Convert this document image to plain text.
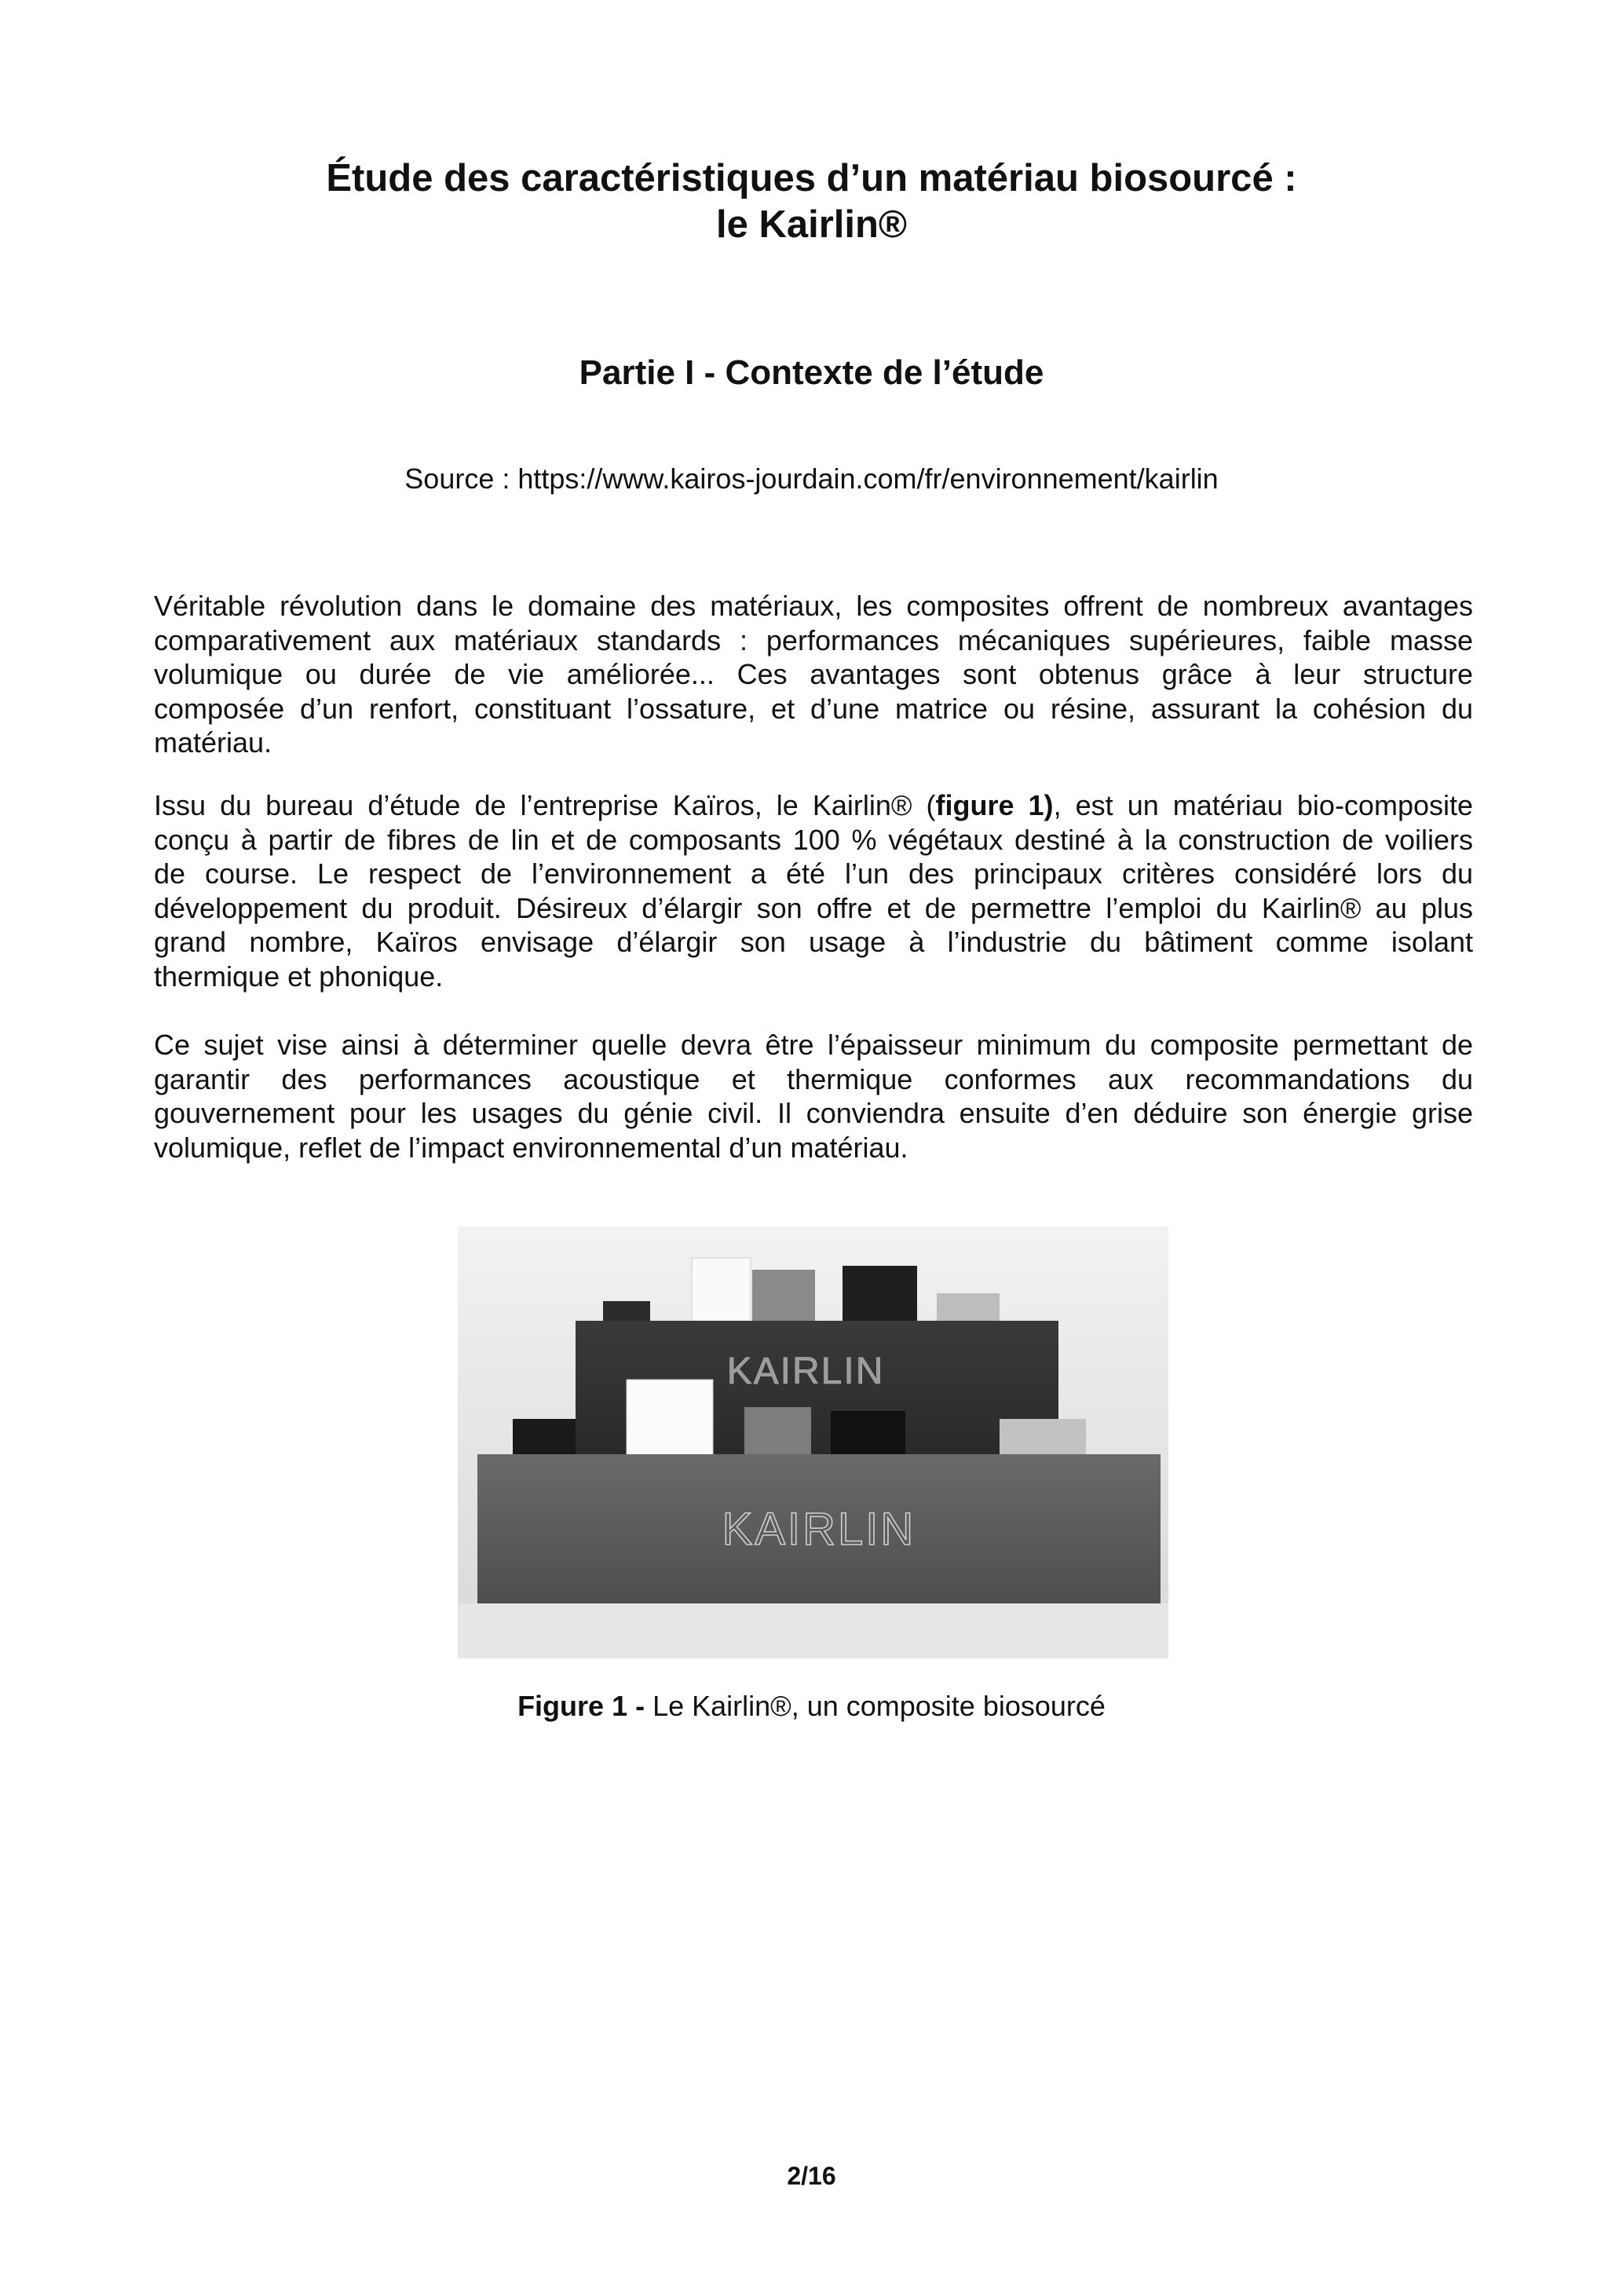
Étude des caractéristiques d’un matériau biosourcé :
le Kairlin®
Partie I - Contexte de l’étude
Source : https://www.kairos-jourdain.com/fr/environnement/kairlin
Véritable révolution dans le domaine des matériaux, les composites offrent de nombreux avantages
comparativement aux matériaux standards : performances mécaniques supérieures, faible masse
volumique ou durée de vie améliorée... Ces avantages sont obtenus grâce à leur structure
composée d’un renfort, constituant l’ossature, et d’une matrice ou résine, assurant la cohésion du
matériau.
Issu du bureau d’étude de l’entreprise Kaïros, le Kairlin® (figure 1), est un matériau bio-composite
conçu à partir de fibres de lin et de composants 100 % végétaux destiné à la construction de voiliers
de course. Le respect de l’environnement a été l’un des principaux critères considéré lors du
développement du produit. Désireux d’élargir son offre et de permettre l’emploi du Kairlin® au plus
grand nombre, Kaïros envisage d’élargir son usage à l’industrie du bâtiment comme isolant
thermique et phonique.
Ce sujet vise ainsi à déterminer quelle devra être l’épaisseur minimum du composite permettant de
garantir des performances acoustique et thermique conformes aux recommandations du
gouvernement pour les usages du génie civil. Il conviendra ensuite d’en déduire son énergie grise
volumique, reflet de l’impact environnemental d’un matériau.
KAIRLIN
KAIRLIN
Figure 1 - Le Kairlin®, un composite biosourcé
2/16
